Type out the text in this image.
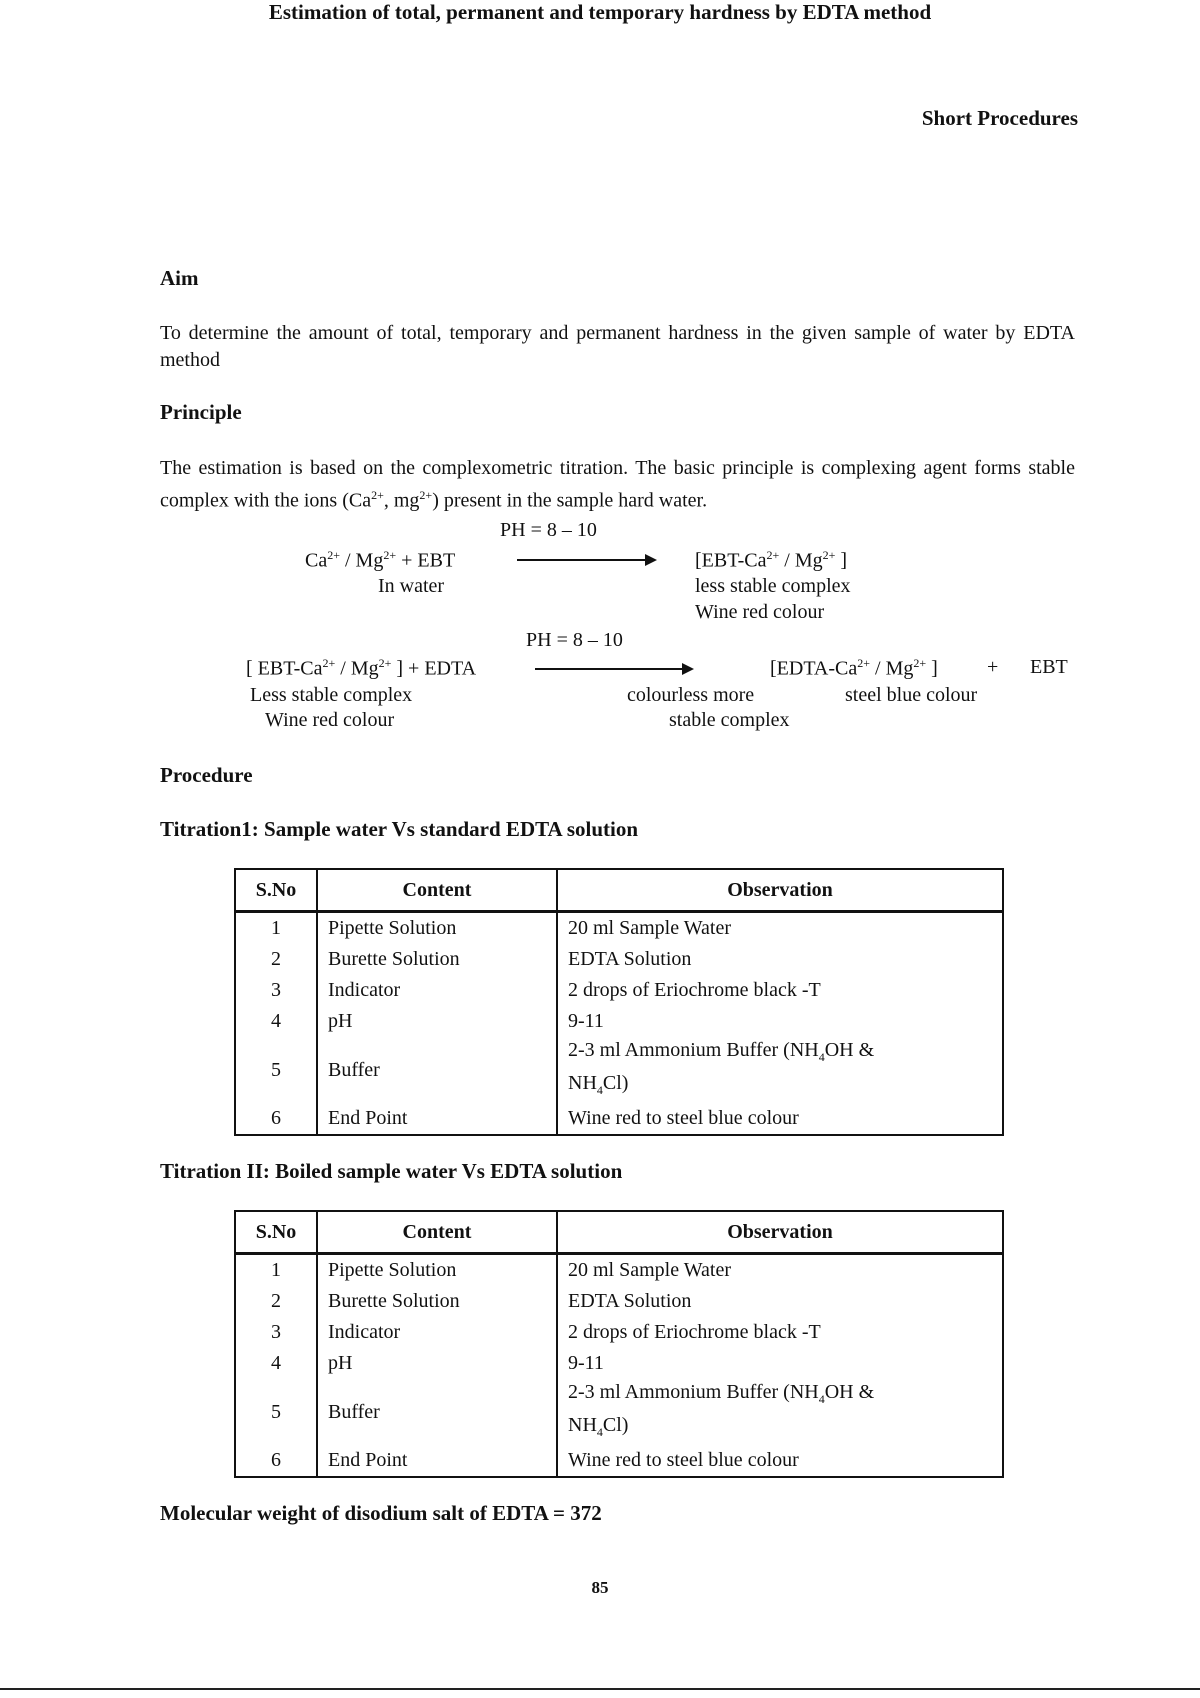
Short Procedures
Estimation of total, permanent and temporary hardness by EDTA method
Aim
To determine the amount of total, temporary and permanent hardness in the given sample of water by EDTA method
Principle
The estimation is based on the complexometric titration. The basic principle is complexing agent forms stable complex with the ions ($Ca^{2+}$, $mg^{2+}$) present in the sample hard water.
PH = 8 – 10
$Ca^{2+} / Mg^{2+}$ + EBT	[$EBT-Ca^{2+} / Mg^{2+}$ ]
In water	less stable complex
Wine red colour
PH = 8 – 10
[ EBT-$Ca^{2+} / Mg^{2+}$ ] + EDTA	[$EDTA-Ca^{2+} / Mg^{2+}$ ] + EBT
Less stable complex
Wine red colour
colourless more
stable complex
steel blue colour
Procedure
Titration1: Sample water Vs standard EDTA solution
S.No	Content	Observation
1	Pipette Solution	20 ml Sample Water
2	Burette Solution	EDTA Solution
3	Indicator	2 drops of Eriochrome black -T
4	pH	9-11
5	Buffer	2-3 ml Ammonium Buffer ($NH_4OH$ &
$NH_4Cl$)
6	End Point	Wine red to steel blue colour
Titration II: Boiled sample water Vs EDTA solution
S.No	Content	Observation
1	Pipette Solution	20 ml Sample Water
2	Burette Solution	EDTA Solution
3	Indicator	2 drops of Eriochrome black -T
4	pH	9-11
5	Buffer	2-3 ml Ammonium Buffer ($NH_4OH$ &
$NH_4Cl$)
6	End Point	Wine red to steel blue colour
Molecular weight of disodium salt of EDTA = 372
85
